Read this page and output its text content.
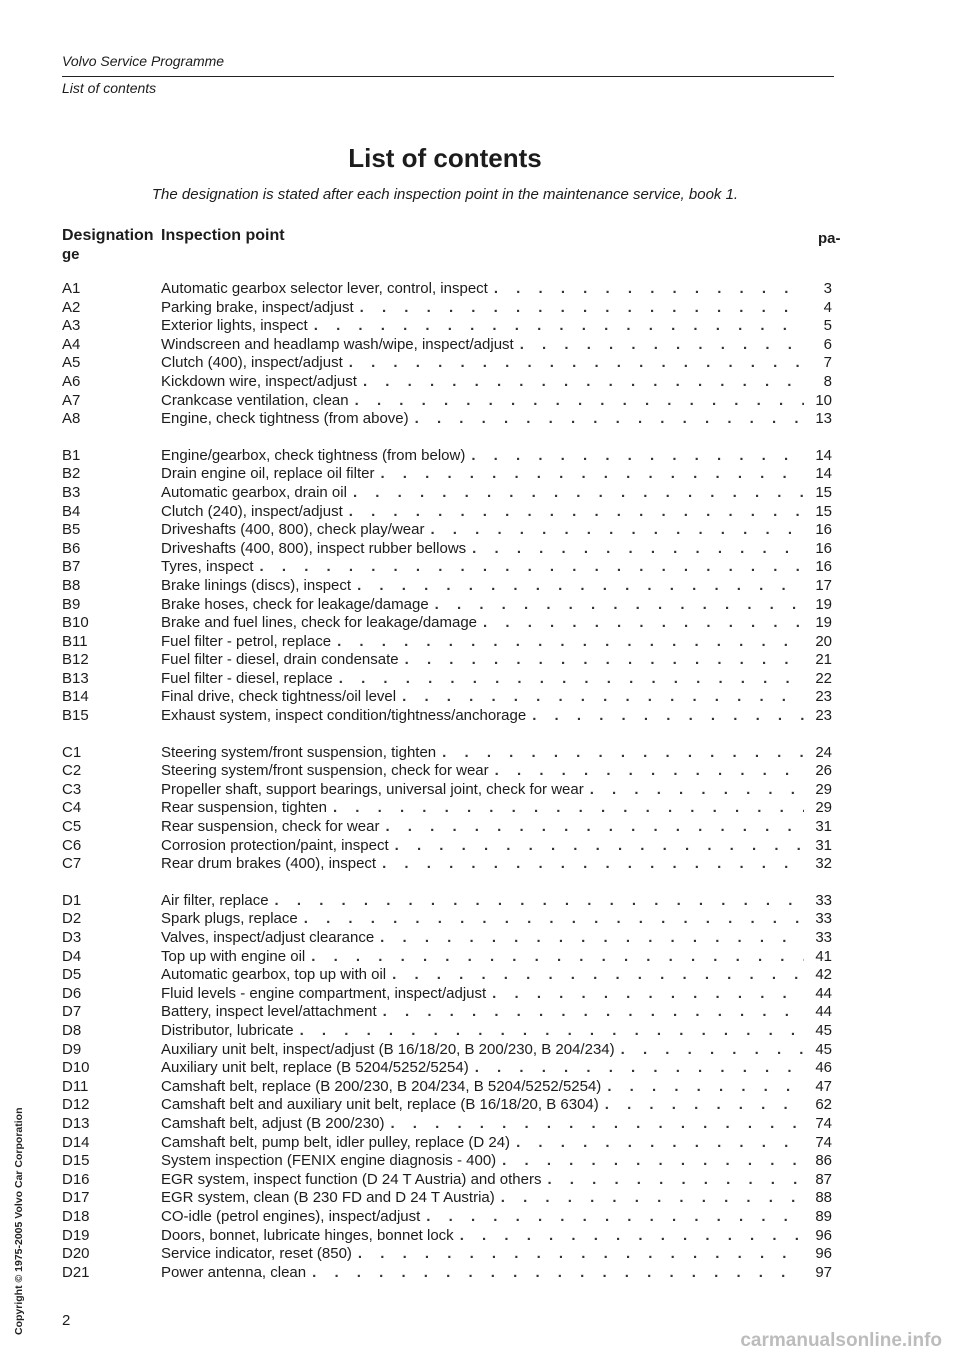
Volvo Service Programme
List of contents
List of contents
The designation is stated after each inspection point in the maintenance service, book 1.
Designation Inspection point	pa-
ge
A1	Automatic gearbox selector lever, control, inspect . . .	3
A2	Parking brake, inspect/adjust . . .	4
A3	Exterior lights, inspect . . .	5
A4	Windscreen and headlamp wash/wipe, inspect/adjust . . .	6
A5	Clutch (400), inspect/adjust . . .	7
A6	Kickdown wire, inspect/adjust . . .	8
A7	Crankcase ventilation, clean . . .	10
A8	Engine, check tightness (from above) . . .	13
B1	Engine/gearbox, check tightness (from below) . . .	14
B2	Drain engine oil, replace oil filter . . .	14
B3	Automatic gearbox, drain oil . . .	15
B4	Clutch (240), inspect/adjust . . .	15
B5	Driveshafts (400, 800), check play/wear . . .	16
B6	Driveshafts (400, 800), inspect rubber bellows . . .	16
B7	Tyres, inspect . . .	16
B8	Brake linings (discs), inspect . . .	17
B9	Brake hoses, check for leakage/damage . . .	19
B10	Brake and fuel lines, check for leakage/damage . . .	19
B11	Fuel filter - petrol, replace . . .	20
B12	Fuel filter - diesel, drain condensate . . .	21
B13	Fuel filter - diesel, replace . . .	22
B14	Final drive, check tightness/oil level . . .	23
B15	Exhaust system, inspect condition/tightness/anchorage . . .	23
C1	Steering system/front suspension, tighten . . .	24
C2	Steering system/front suspension, check for wear . . .	26
C3	Propeller shaft, support bearings, universal joint, check for wear . . .	29
C4	Rear suspension, tighten . . .	29
C5	Rear suspension, check for wear . . .	31
C6	Corrosion protection/paint, inspect . . .	31
C7	Rear drum brakes (400), inspect . . .	32
D1	Air filter, replace . . .	33
D2	Spark plugs, replace . . .	33
D3	Valves, inspect/adjust clearance . . .	33
D4	Top up with engine oil . . .	41
D5	Automatic gearbox, top up with oil . . .	42
D6	Fluid levels - engine compartment, inspect/adjust . . .	44
D7	Battery, inspect level/attachment . . .	44
D8	Distributor, lubricate . . .	45
D9	Auxiliary unit belt, inspect/adjust (B 16/18/20, B 200/230, B 204/234) . . .	45
D10	Auxiliary unit belt, replace (B 5204/5252/5254) . . .	46
D11	Camshaft belt, replace (B 200/230, B 204/234, B 5204/5252/5254) . . .	47
D12	Camshaft belt and auxiliary unit belt, replace (B 16/18/20, B 6304) . . .	62
D13	Camshaft belt, adjust (B 200/230) . . .	74
D14	Camshaft belt, pump belt, idler pulley, replace (D 24) . . .	74
D15	System inspection (FENIX engine diagnosis - 400) . . .	86
D16	EGR system, inspect function (D 24 T Austria) and others . . .	87
D17	EGR system, clean (B 230 FD and D 24 T Austria) . . .	88
D18	CO-idle (petrol engines), inspect/adjust . . .	89
D19	Doors, bonnet, lubricate hinges, bonnet lock . . .	96
D20	Service indicator, reset (850) . . .	96
D21	Power antenna, clean . . .	97
2
Copyright © 1975-2005 Volvo Car Corporation
carmanualsonline.info
